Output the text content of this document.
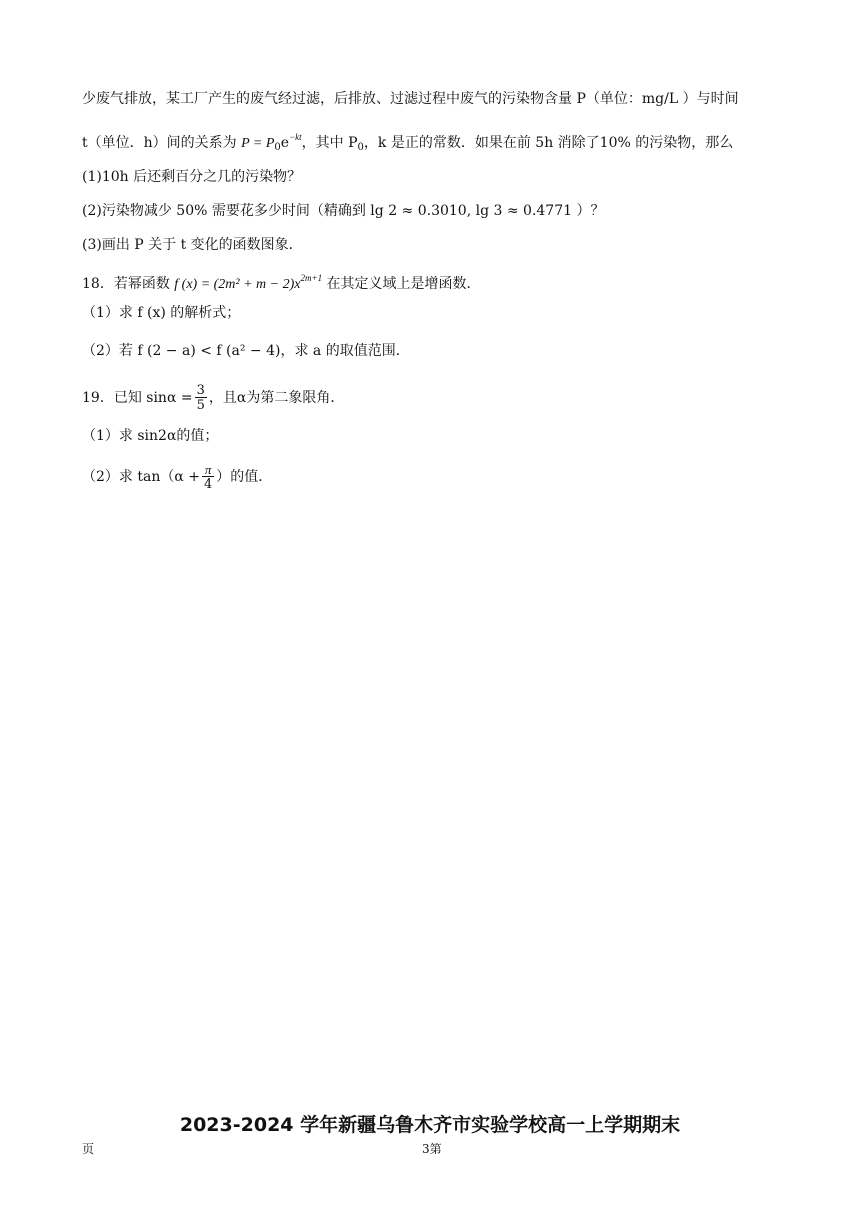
少废气排放，某工厂产生的废气经过滤，后排放、过滤过程中废气的污染物含量 P（单位：mg/L ）与时间
t（单位．h）间的关系为 $P = P_0e^{-kt}$，其中 $P_0$，k 是正的常数．如果在前 5h 消除了10% 的污染物，那么
(1)10h 后还剩百分之几的污染物？
(2)污染物减少 50% 需要花多少时间（精确到 lg 2 ≈ 0.3010, lg 3 ≈ 0.4771 ）？
(3)画出 P 关于 t 变化的函数图象．
18．若幂函数 f $(x) = (2m^2 + m - 2)x^{2m+1}$ 在其定义域上是增函数．
（1）求 f (x) 的解析式；
（2）若 f (2 − a) < f (a² − 4)，求 a 的取值范围．
19．已知 $\sin\alpha = \frac{3}{5}$ ，且α为第二象限角．
（1）求 sin2α的值；
（2）求 $\tan(\alpha + \frac{\pi}{4}$ ）的值．
2023-2024 学年新疆乌鲁木齐市实验学校高一上学期期末
页	3第
